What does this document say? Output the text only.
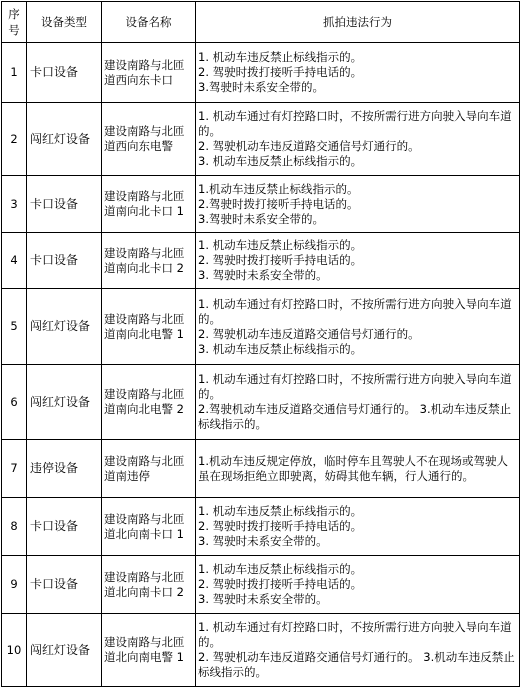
序号	设备类型	设备名称	抓拍违法行为
1	卡口设备	建设南路与北匝道西向东卡口	1. 机动车违反禁止标线指示的。
2. 驾驶时拨打接听手持电话的。
3.驾驶时未系安全带的。

2	闯红灯设备	建设南路与北匝道西向东电警	1. 机动车通过有灯控路口时，不按所需行进方向驶入导向车道的。
2. 驾驶机动车违反道路交通信号灯通行的。
3. 机动车违反禁止标线指示的。

3	卡口设备	建设南路与北匝道南向北卡口 1	1.机动车违反禁止标线指示的。
2.驾驶时拨打接听手持电话的。
3.驾驶时未系安全带的。

4	卡口设备	建设南路与北匝道南向北卡口 2	1. 机动车违反禁止标线指示的。
2. 驾驶时拨打接听手持电话的。
3. 驾驶时未系安全带的。

5	闯红灯设备	建设南路与北匝道南向北电警 1	1. 机动车通过有灯控路口时，不按所需行进方向驶入导向车道的。
2. 驾驶机动车违反道路交通信号灯通行的。
3. 机动车违反禁止标线指示的。

6	闯红灯设备	建设南路与北匝道南向北电警 2	1. 机动车通过有灯控路口时，不按所需行进方向驶入导向车道的。
2.驾驶机动车违反道路交通信号灯通行的。 3.机动车违反禁止标线指示的。

7	违停设备	建设南路与北匝道南违停	1.机动车违反规定停放，临时停车且驾驶人不在现场或驾驶人虽在现场拒绝立即驶离，妨碍其他车辆，行人通行的。

8	卡口设备	建设南路与北匝道北向南卡口 1	1. 机动车违反禁止标线指示的。
2. 驾驶时拨打接听手持电话的。
3. 驾驶时未系安全带的。

9	卡口设备	建设南路与北匝道北向南卡口 2	1. 机动车违反禁止标线指示的。
2. 驾驶时拨打接听手持电话的。
3. 驾驶时未系安全带的。

10	闯红灯设备	建设南路与北匝道北向南电警 1	1. 机动车通过有灯控路口时，不按所需行进方向驶入导向车道的。
2. 驾驶机动车违反道路交通信号灯通行的。 3.机动车违反禁止标线指示的。
